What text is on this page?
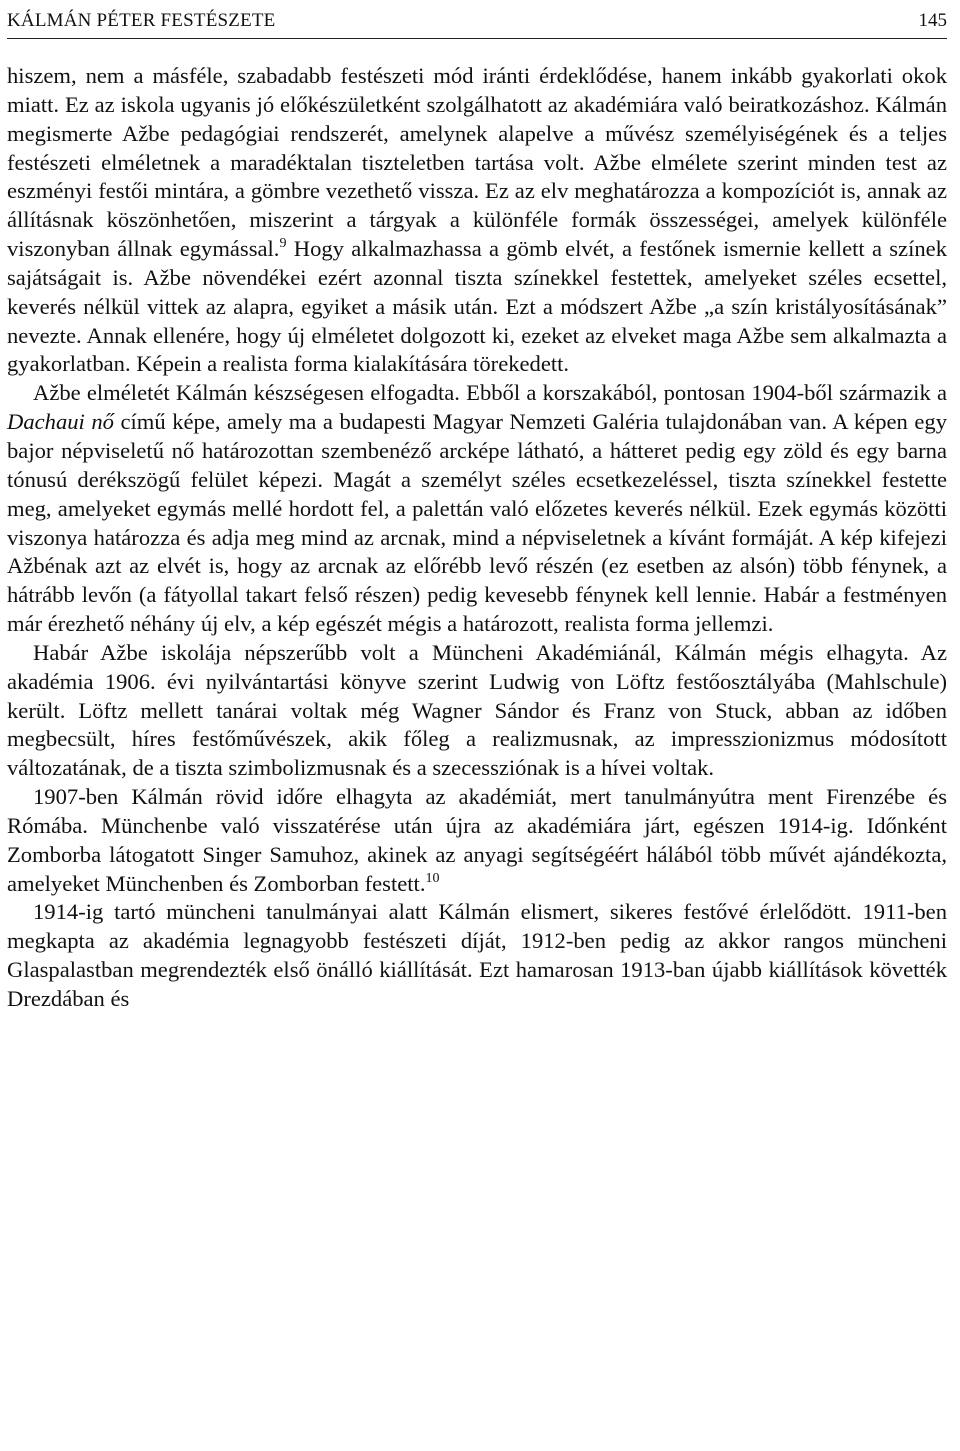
KÁLMÁN PÉTER FESTÉSZETE	145

hiszem, nem a másféle, szabadabb festészeti mód iránti érdeklődése, hanem inkább gyakorlati okok miatt. Ez az iskola ugyanis jó előkészületként szolgálhatott az akadémiára való beiratkozáshoz. Kálmán megismerte Ažbe pedagógiai rendszerét, amelynek alapelve a művész személyiségének és a teljes festészeti elméletnek a maradéktalan tiszteletben tartása volt. Ažbe elmélete szerint minden test az eszményi festői mintára, a gömbre vezethető vissza. Ez az elv meghatározza a kompozíciót is, annak az állításnak köszönhetően, miszerint a tárgyak a különféle formák összességei, amelyek különféle viszonyban állnak egymással.$^9$ Hogy alkalmazhassa a gömb elvét, a festőnek ismernie kellett a színek sajátságait is. Ažbe növendékei ezért azonnal tiszta színekkel festettek, amelyeket széles ecsettel, keverés nélkül vittek az alapra, egyiket a másik után. Ezt a módszert Ažbe „a szín kristályosításának” nevezte. Annak ellenére, hogy új elméletet dolgozott ki, ezeket az elveket maga Ažbe sem alkalmazta a gyakorlatban. Képein a realista forma kialakítására törekedett.

Ažbe elméletét Kálmán készségesen elfogadta. Ebből a korszakából, pontosan 1904-ből származik a Dachaui nő című képe, amely ma a budapesti Magyar Nemzeti Galéria tulajdonában van. A képen egy bajor népviseletű nő határozottan szembenéző arcképe látható, a hátteret pedig egy zöld és egy barna tónusú derékszögű felület képezi. Magát a személyt széles ecsetkezeléssel, tiszta színekkel festette meg, amelyeket egymás mellé hordott fel, a palettán való előzetes keverés nélkül. Ezek egymás közötti viszonya határozza és adja meg mind az arcnak, mind a népviseletnek a kívánt formáját. A kép kifejezi Ažbénak azt az elvét is, hogy az arcnak az előrébb levő részén (ez esetben az alsón) több fénynek, a hátrább levőn (a fátyollal takart felső részen) pedig kevesebb fénynek kell lennie. Habár a festményen már érezhető néhány új elv, a kép egészét mégis a határozott, realista forma jellemzi.

Habár Ažbe iskolája népszerűbb volt a Müncheni Akadémiánál, Kálmán mégis elhagyta. Az akadémia 1906. évi nyilvántartási könyve szerint Ludwig von Löftz festőosztályába (Mahlschule) került. Löftz mellett tanárai voltak még Wagner Sándor és Franz von Stuck, abban az időben megbecsült, híres festőművészek, akik főleg a realizmusnak, az impresszionizmus módosított változatának, de a tiszta szimbolizmusnak és a szecessziónak is a hívei voltak.

1907-ben Kálmán rövid időre elhagyta az akadémiát, mert tanulmányútra ment Firenzébe és Rómába. Münchenbe való visszatérése után újra az akadémiára járt, egészen 1914-ig. Időnként Zomborba látogatott Singer Samuhoz, akinek az anyagi segítségéért hálából több művét ajándékozta, amelyeket Münchenben és Zomborban festett.$^{10}$

1914-ig tartó müncheni tanulmányai alatt Kálmán elismert, sikeres festővé érlelődött. 1911-ben megkapta az akadémia legnagyobb festészeti díját, 1912-ben pedig az akkor rangos müncheni Glaspalastban megrendezték első önálló kiállítását. Ezt hamarosan 1913-ban újabb kiállítások követték Drezdában és
